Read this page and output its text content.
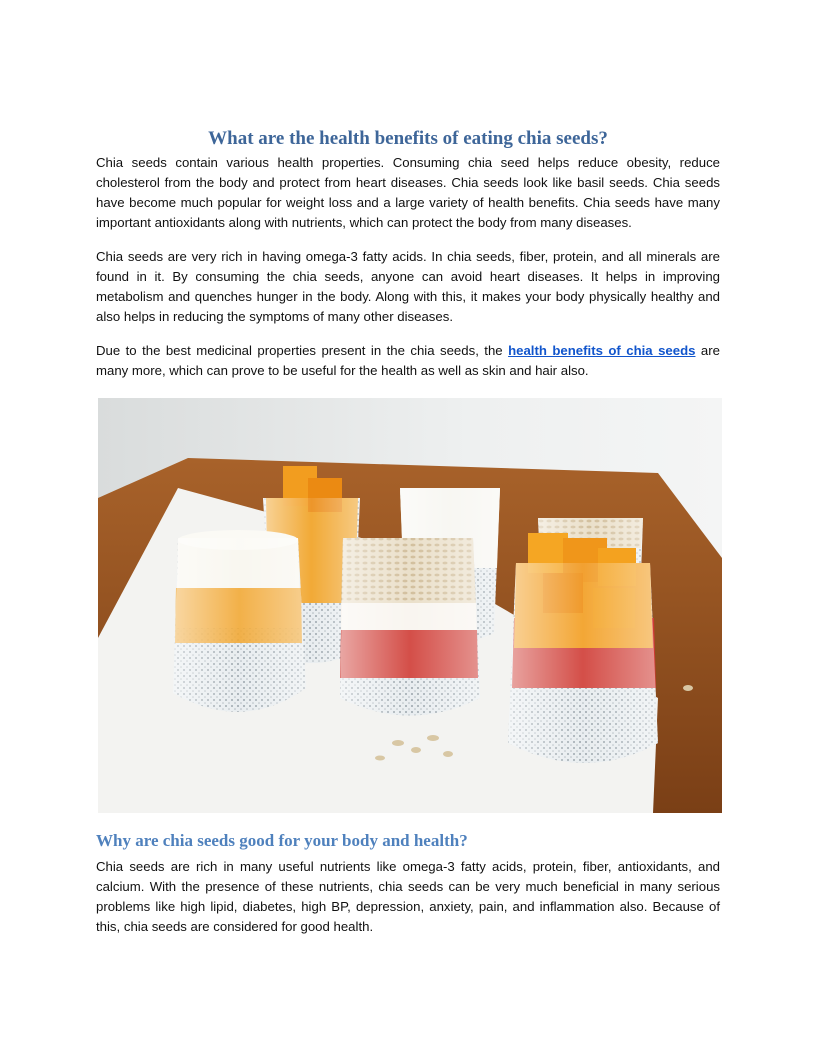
What are the health benefits of eating chia seeds?

Chia seeds contain various health properties. Consuming chia seed helps reduce obesity, reduce cholesterol from the body and protect from heart diseases. Chia seeds look like basil seeds. Chia seeds have become much popular for weight loss and a large variety of health benefits. Chia seeds have many important antioxidants along with nutrients, which can protect the body from many diseases.

Chia seeds are very rich in having omega-3 fatty acids. In chia seeds, fiber, protein, and all minerals are found in it. By consuming the chia seeds, anyone can avoid heart diseases. It helps in improving metabolism and quenches hunger in the body. Along with this, it makes your body physically healthy and also helps in reducing the symptoms of many other diseases.

Due to the best medicinal properties present in the chia seeds, the health benefits of chia seeds are many more, which can prove to be useful for the health as well as skin and hair also.

Why are chia seeds good for your body and health?

Chia seeds are rich in many useful nutrients like omega-3 fatty acids, protein, fiber, antioxidants, and calcium. With the presence of these nutrients, chia seeds can be very much beneficial in many serious problems like high lipid, diabetes, high BP, depression, anxiety, pain, and inflammation also. Because of this, chia seeds are considered for good health.
